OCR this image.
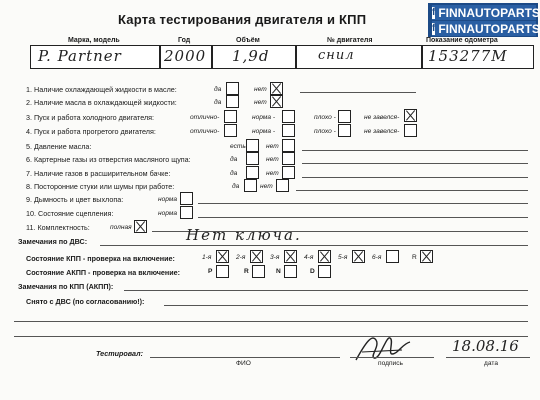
Карта тестирования двигателя и КПП	f FINNAUTOPARTS
f FINNAUTOPARTS
Марка, модель	Год	Объём	№ двигателя	Показание одометра
P. Partner	2000 1,9d	снил	153277М
1. Наличие охлаждающей жидкости в масле:	да	нет
2. Наличие масла в охлаждающей жидкости:	да	нет
3. Пуск и работа холодного двигателя:	отлично-	норма -	плохо -	не завелся-
4. Пуск и работа прогретого двигателя:	отлично-	норма -	плохо -	не завелся-
5. Давление масла:	есть	нет
6. Картерные газы из отверстия масляного щупа:	да	нет
7. Наличие газов в расширительном бачке:	да	нет
8. Посторонние стуки или шумы при работе:	да	нет
9. Дымность и цвет выхлопа:	норма
10. Состояние сцепления:	норма
11. Комплектность:	полная
Замечания по ДВС:	Нет ключа.
Состояние КПП - проверка на включение:	1-я	2-я	3-я	4-я	5-я	6-я	R
Состояние АКПП - проверка на включение:	P	R	N	D
Замечания по КПП (АКПП):
Снято с ДВС (по согласованию!):
Тестировал:
ФИО	подпись
18.08.16
дата
